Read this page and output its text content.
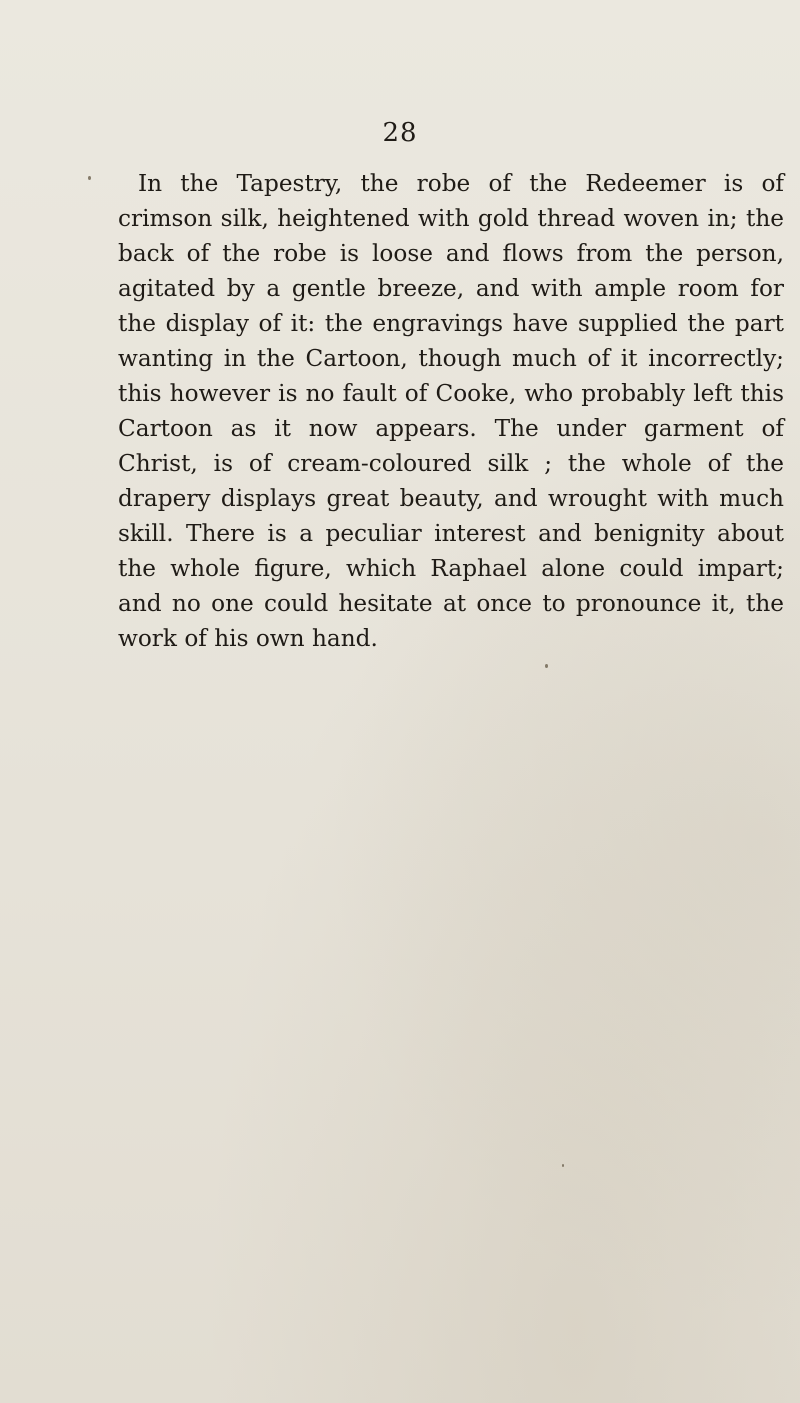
28

In the Tapestry, the robe of the Redeemer is of crimson silk, heightened with gold thread woven in; the back of the robe is loose and flows from the person, agitated by a gentle breeze, and with ample room for the display of it: the engravings have supplied the part wanting in the Cartoon, though much of it incorrectly; this however is no fault of Cooke, who probably left this Cartoon as it now appears. The under garment of Christ, is of cream-coloured silk ; the whole of the drapery displays great beauty, and wrought with much skill. There is a peculiar interest and benignity about the whole figure, which Raphael alone could impart; and no one could hesitate at once to pronounce it, the work of his own hand.
